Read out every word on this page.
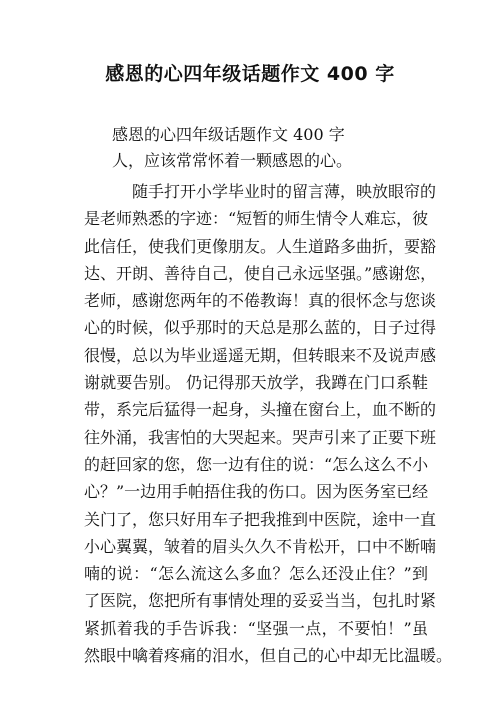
感恩的心四年级话题作文 400 字
感恩的心四年级话题作文 400 字
人，应该常常怀着一颗感恩的心。
随手打开小学毕业时的留言薄，映放眼帘的
是老师熟悉的字迹：“短暂的师生情令人难忘，彼
此信任，使我们更像朋友。人生道路多曲折，要豁
达、开朗、善待自己，使自己永远坚强。”感谢您，
老师，感谢您两年的不倦教诲！真的很怀念与您谈
心的时候，似乎那时的天总是那么蓝的，日子过得
很慢，总以为毕业遥遥无期，但转眼来不及说声感
谢就要告别。 仍记得那天放学，我蹲在门口系鞋
带，系完后猛得一起身，头撞在窗台上，血不断的
往外涌，我害怕的大哭起来。哭声引来了正要下班
的赶回家的您，您一边有住的说：“怎么这么不小
心？”一边用手帕捂住我的伤口。因为医务室已经
关门了，您只好用车子把我推到中医院，途中一直
小心翼翼，皱着的眉头久久不肯松开，口中不断喃
喃的说：“怎么流这么多血？怎么还没止住？”到
了医院，您把所有事情处理的妥妥当当，包扎时紧
紧抓着我的手告诉我：“坚强一点，不要怕！”虽
然眼中噙着疼痛的泪水，但自己的心中却无比温暖。
